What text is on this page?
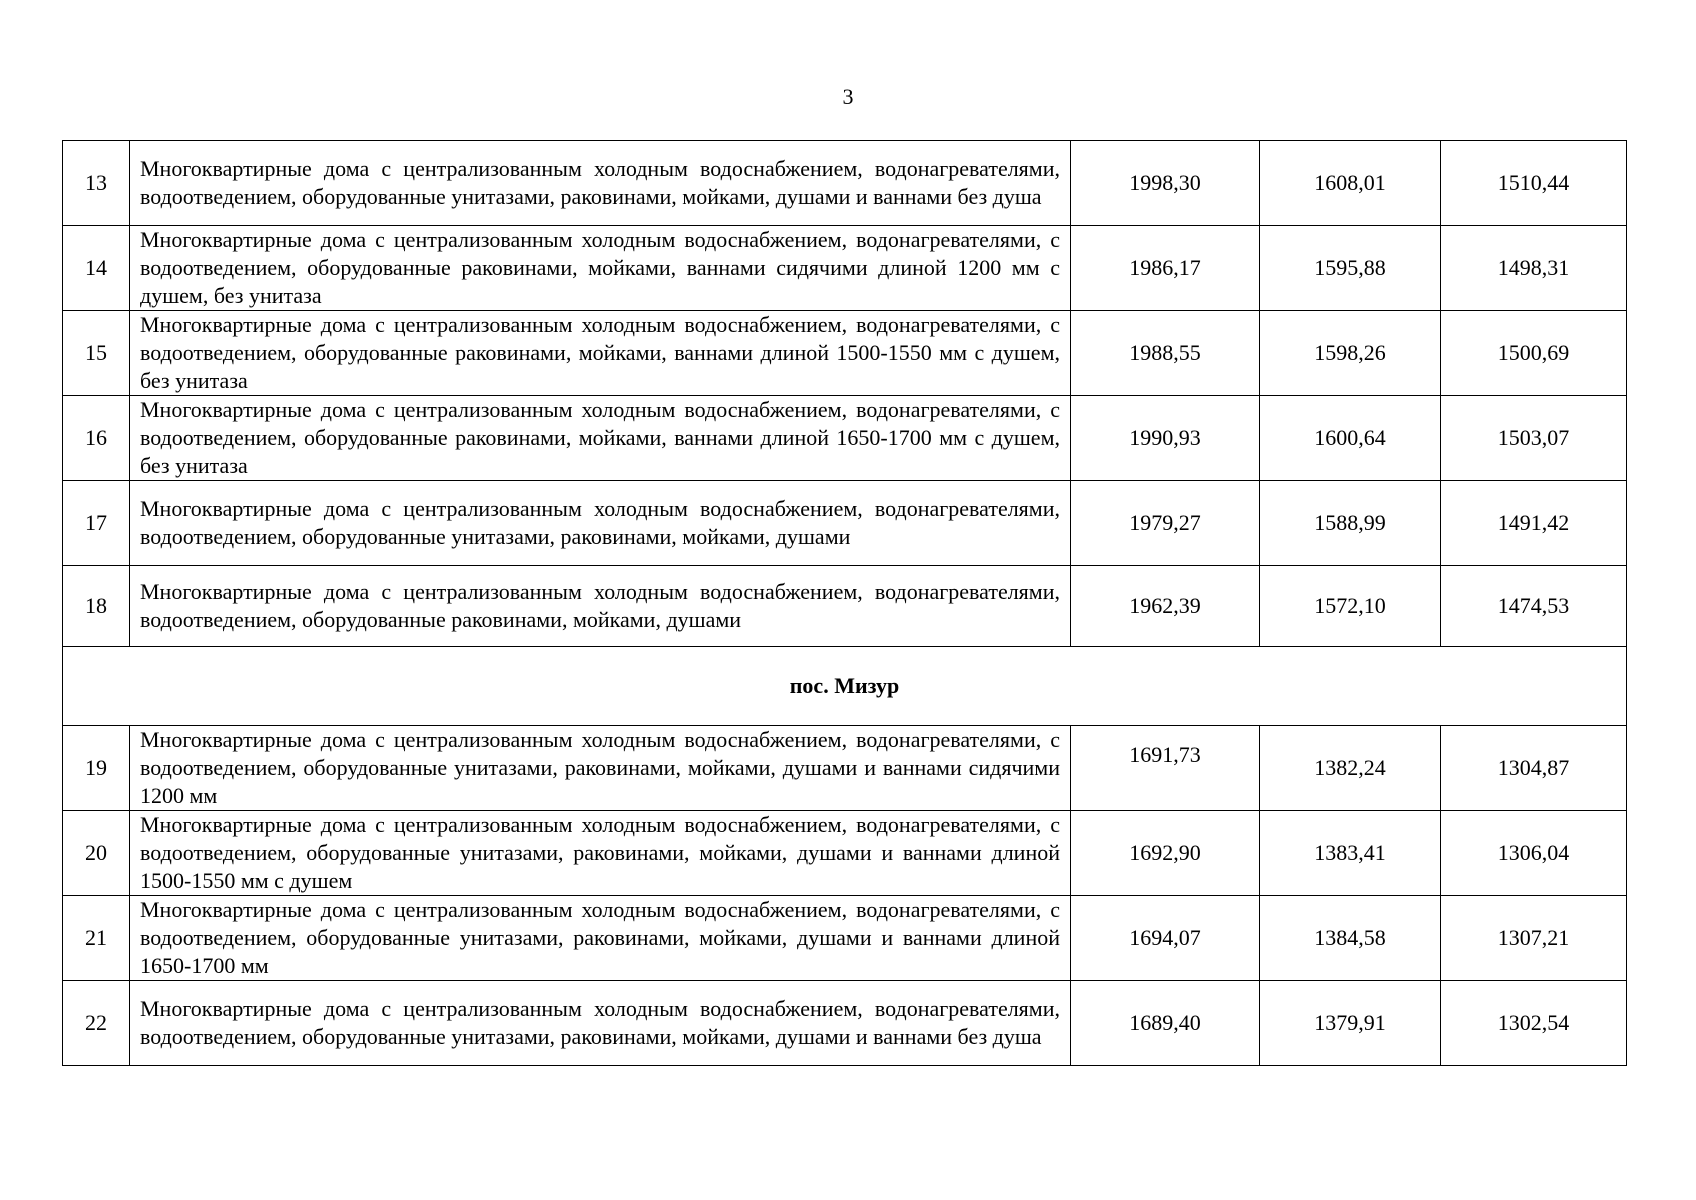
3
13	Многоквартирные дома с централизованным холодным водоснабжением, водонагревателями, водоотведением, оборудованные унитазами, раковинами, мойками, душами и ваннами без душа	1998,30	1608,01	1510,44
14	Многоквартирные дома с централизованным холодным водоснабжением, водонагревателями, с водоотведением, оборудованные раковинами, мойками, ваннами сидячими длиной 1200 мм с душем, без унитаза	1986,17	1595,88	1498,31
15	Многоквартирные дома с централизованным холодным водоснабжением, водонагревателями, с водоотведением, оборудованные раковинами, мойками, ваннами длиной 1500-1550 мм с душем, без унитаза	1988,55	1598,26	1500,69
16	Многоквартирные дома с централизованным холодным водоснабжением, водонагревателями, с водоотведением, оборудованные раковинами, мойками, ваннами длиной 1650-1700 мм с душем, без унитаза	1990,93	1600,64	1503,07
17	Многоквартирные дома с централизованным холодным водоснабжением, водонагревателями, водоотведением, оборудованные унитазами, раковинами, мойками, душами	1979,27	1588,99	1491,42
18	Многоквартирные дома с централизованным холодным водоснабжением, водонагревателями, водоотведением, оборудованные раковинами, мойками, душами	1962,39	1572,10	1474,53
пос. Мизур				
19	Многоквартирные дома с централизованным холодным водоснабжением, водонагревателями, с водоотведением, оборудованные унитазами, раковинами, мойками, душами и ваннами сидячими 1200 мм	1691,73	1382,24	1304,87
20	Многоквартирные дома с централизованным холодным водоснабжением, водонагревателями, с водоотведением, оборудованные унитазами, раковинами, мойками, душами и ваннами длиной 1500-1550 мм с душем	1692,90	1383,41	1306,04
21	Многоквартирные дома с централизованным холодным водоснабжением, водонагревателями, с водоотведением, оборудованные унитазами, раковинами, мойками, душами и ваннами длиной 1650-1700 мм	1694,07	1384,58	1307,21
22	Многоквартирные дома с централизованным холодным водоснабжением, водонагревателями, водоотведением, оборудованные унитазами, раковинами, мойками, душами и ваннами без душа	1689,40	1379,91	1302,54
